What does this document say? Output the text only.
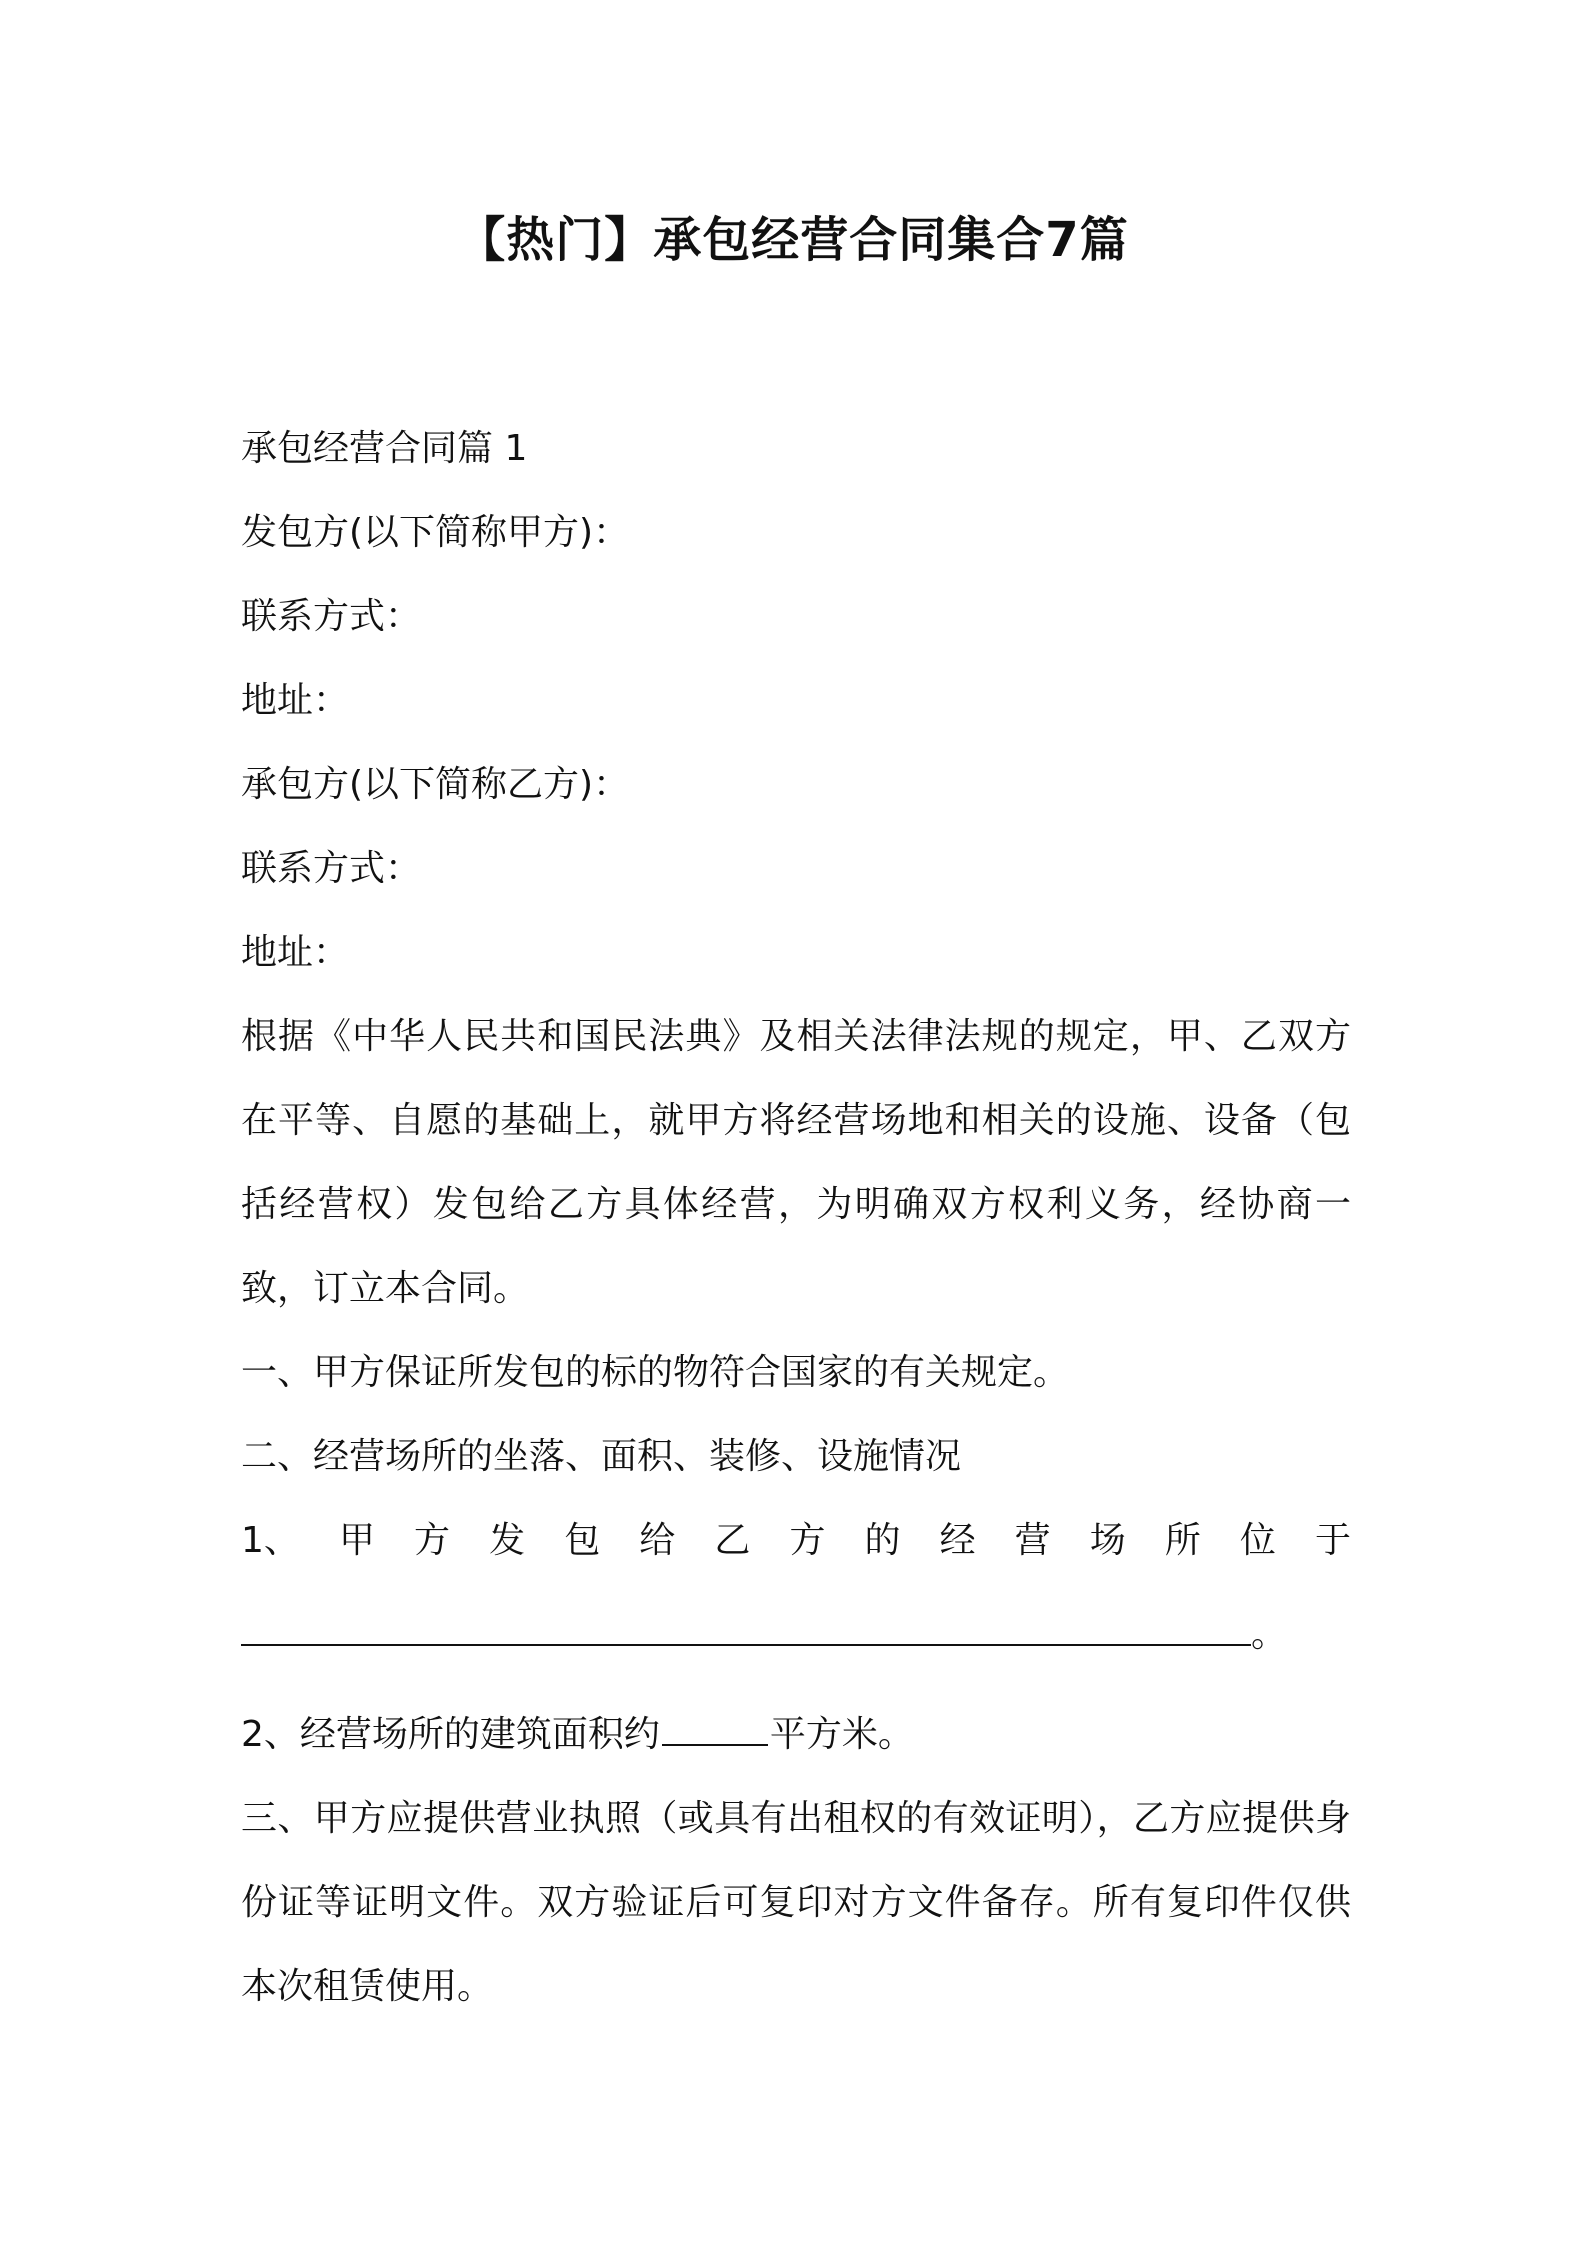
【热门】承包经营合同集合7篇
承包经营合同篇 1
发包方(以下简称甲方)：
联系方式：
地址：
承包方(以下简称乙方)：
联系方式：
地址：
根据《中华人民共和国民法典》及相关法律法规的规定，甲、乙双方在平等、自愿的基础上，就甲方将经营场地和相关的设施、设备（包括经营权）发包给乙方具体经营，为明确双方权利义务，经协商一致，订立本合同。
一、甲方保证所发包的标的物符合国家的有关规定。
二、经营场所的坐落、面积、装修、设施情况
1、 甲 方 发 包 给 乙 方 的 经 营 场 所 位 于
。
2、经营场所的建筑面积约	平方米。
三、甲方应提供营业执照（或具有出租权的有效证明），乙方应提供身份证等证明文件。双方验证后可复印对方文件备存。所有复印件仅供本次租赁使用。
